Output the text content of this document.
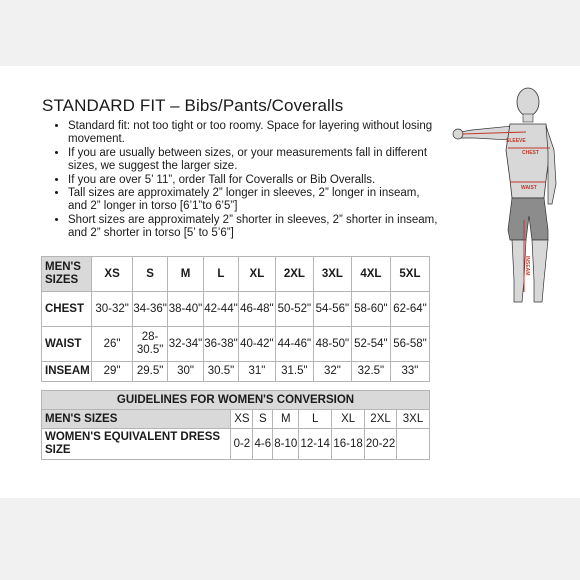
STANDARD FIT – Bibs/Pants/Coveralls
• Standard fit: not too tight or too roomy. Space for layering without losing movement.
• If you are usually between sizes, or your measurements fall in different sizes, we suggest the larger size.
• If you are over 5’ 11”, order Tall for Coveralls or Bib Overalls.
• Tall sizes are approximately 2” longer in sleeves, 2” longer in inseam, and 2” longer in torso [6’1”to 6’5”]
• Short sizes are approximately 2” shorter in sleeves, 2” shorter in inseam, and 2” shorter in torso [5’ to 5’6”]
MEN'S SIZES	XS	S	M	L	XL	2XL	3XL	4XL	5XL
CHEST	30-32"	34-36"	38-40"	42-44"	46-48"	50-52"	54-56"	58-60"	62-64"
WAIST	26"	28-30.5"	32-34"	36-38"	40-42"	44-46"	48-50"	52-54"	56-58"
INSEAM	29"	29.5"	30"	30.5"	31"	31.5"	32"	32.5"	33"
GUIDELINES FOR WOMEN'S CONVERSION							
MEN'S SIZES	XS	S	M	L	XL	2XL	3XL
WOMEN'S EQUIVALENT DRESS SIZE	0-2	4-6	8-10	12-14	16-18	20-22	
SLEEVE
CHEST
WAIST
INSEAM
